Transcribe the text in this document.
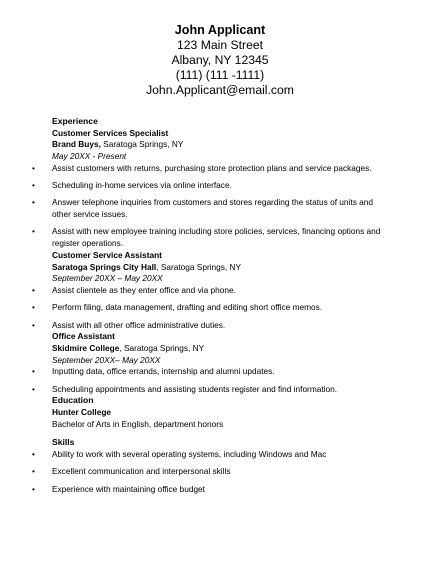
John Applicant
123 Main Street
Albany, NY 12345
(111) (111 -1111)
John.Applicant@email.com
Experience
Customer Services Specialist
Brand Buys, Saratoga Springs, NY
May 20XX - Present
• Assist customers with returns, purchasing store protection plans and service packages.
• Scheduling in-home services via online interface.
• Answer telephone inquiries from customers and stores regarding the status of units and other service issues.
• Assist with new employee training including store policies, services, financing options and register operations.
Customer Service Assistant
Saratoga Springs City Hall, Saratoga Springs, NY
September 20XX – May 20XX
• Assist clientele as they enter office and via phone.
• Perform filing, data management, drafting and editing short office memos.
• Assist with all other office administrative duties.
Office Assistant
Skidmire College, Saratoga Springs, NY
September 20XX– May 20XX
• Inputting data, office errands, internship and alumni updates.
• Scheduling appointments and assisting students register and find information.
Education
Hunter College
Bachelor of Arts in English, department honors
Skills
• Ability to work with several operating systems, including Windows and Mac
• Excellent communication and interpersonal skills
• Experience with maintaining office budget
